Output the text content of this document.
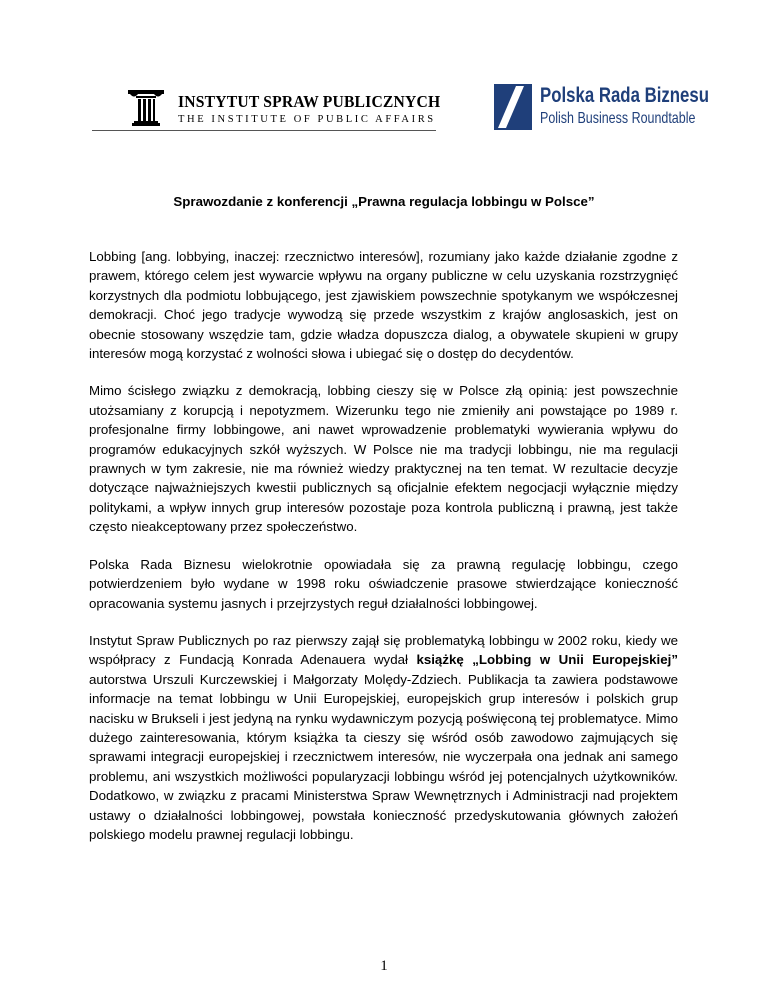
INSTYTUT SPRAW PUBLICZNYCH
THE INSTITUTE OF PUBLIC AFFAIRS
Polska Rada Biznesu
Polish Business Roundtable
Sprawozdanie z konferencji „Prawna regulacja lobbingu w Polsce”

Lobbing [ang. lobbying, inaczej: rzecznictwo interesów], rozumiany jako każde działanie zgodne z prawem, którego celem jest wywarcie wpływu na organy publiczne w celu uzyskania rozstrzygnięć korzystnych dla podmiotu lobbującego, jest zjawiskiem powszechnie spotykanym we współczesnej demokracji. Choć jego tradycje wywodzą się przede wszystkim z krajów anglosaskich, jest on obecnie stosowany wszędzie tam, gdzie władza dopuszcza dialog, a obywatele skupieni w grupy interesów mogą korzystać z wolności słowa i ubiegać się o dostęp do decydentów.

Mimo ścisłego związku z demokracją, lobbing cieszy się w Polsce złą opinią: jest powszechnie utożsamiany z korupcją i nepotyzmem. Wizerunku tego nie zmieniły ani powstające po 1989 r. profesjonalne firmy lobbingowe, ani nawet wprowadzenie problematyki wywierania wpływu do programów edukacyjnych szkół wyższych. W Polsce nie ma tradycji lobbingu, nie ma regulacji prawnych w tym zakresie, nie ma również wiedzy praktycznej na ten temat. W rezultacie decyzje dotyczące najważniejszych kwestii publicznych są oficjalnie efektem negocjacji wyłącznie między politykami, a wpływ innych grup interesów pozostaje poza kontrola publiczną i prawną, jest także często nieakceptowany przez społeczeństwo.

Polska Rada Biznesu wielokrotnie opowiadała się za prawną regulację lobbingu, czego potwierdzeniem było wydane w 1998 roku oświadczenie prasowe stwierdzające konieczność opracowania systemu jasnych i przejrzystych reguł działalności lobbingowej.

Instytut Spraw Publicznych po raz pierwszy zajął się problematyką lobbingu w 2002 roku, kiedy we współpracy z Fundacją Konrada Adenauera wydał książkę „Lobbing w Unii Europejskiej” autorstwa Urszuli Kurczewskiej i Małgorzaty Molędy-Zdziech. Publikacja ta zawiera podstawowe informacje na temat lobbingu w Unii Europejskiej, europejskich grup interesów i polskich grup nacisku w Brukseli i jest jedyną na rynku wydawniczym pozycją poświęconą tej problematyce. Mimo dużego zainteresowania, którym książka ta cieszy się wśród osób zawodowo zajmujących się sprawami integracji europejskiej i rzecznictwem interesów, nie wyczerpała ona jednak ani samego problemu, ani wszystkich możliwości popularyzacji lobbingu wśród jej potencjalnych użytkowników. Dodatkowo, w związku z pracami Ministerstwa Spraw Wewnętrznych i Administracji nad projektem ustawy o działalności lobbingowej, powstała konieczność przedyskutowania głównych założeń polskiego modelu prawnej regulacji lobbingu.

1
